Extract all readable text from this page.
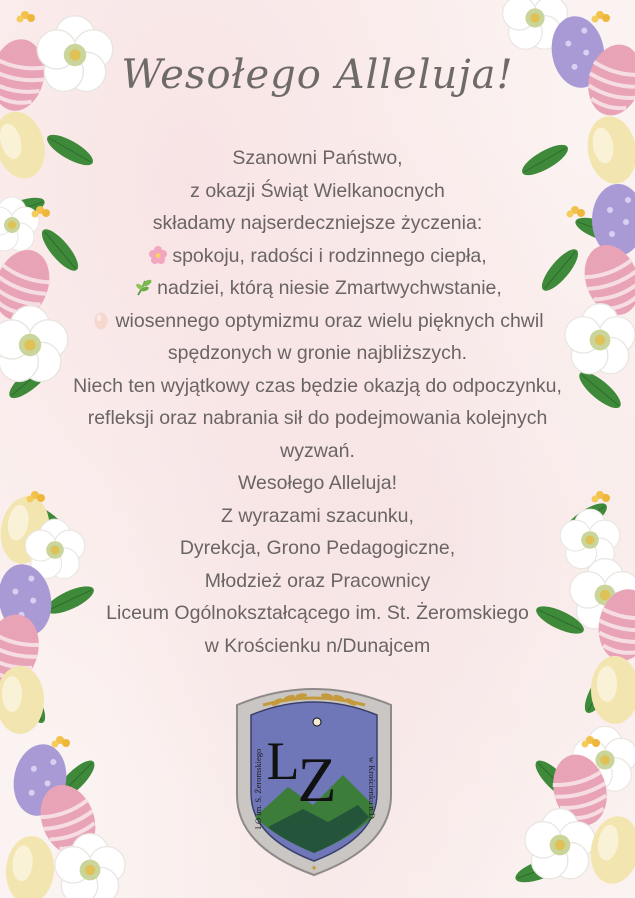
Wesołego Alleluja!
Szanowni Państwo,
z okazji Świąt Wielkanocnych
składamy najserdeczniejsze życzenia:
spokoju, radości i rodzinnego ciepła,
nadziei, którą niesie Zmartwychwstanie,
wiosennego optymizmu oraz wielu pięknych chwil
spędzonych w gronie najbliższych.
Niech ten wyjątkowy czas będzie okazją do odpoczynku,
refleksji oraz nabrania sił do podejmowania kolejnych
wyzwań.
Wesołego Alleluja!
Z wyrazami szacunku,
Dyrekcja, Grono Pedagogiczne,
Młodzież oraz Pracownicy
Liceum Ogólnokształcącego im. St. Żeromskiego
w Krościenku n/Dunajcem
L
Z
✦
LO im. S. Żeromskiego	w Krościenku n.D.
